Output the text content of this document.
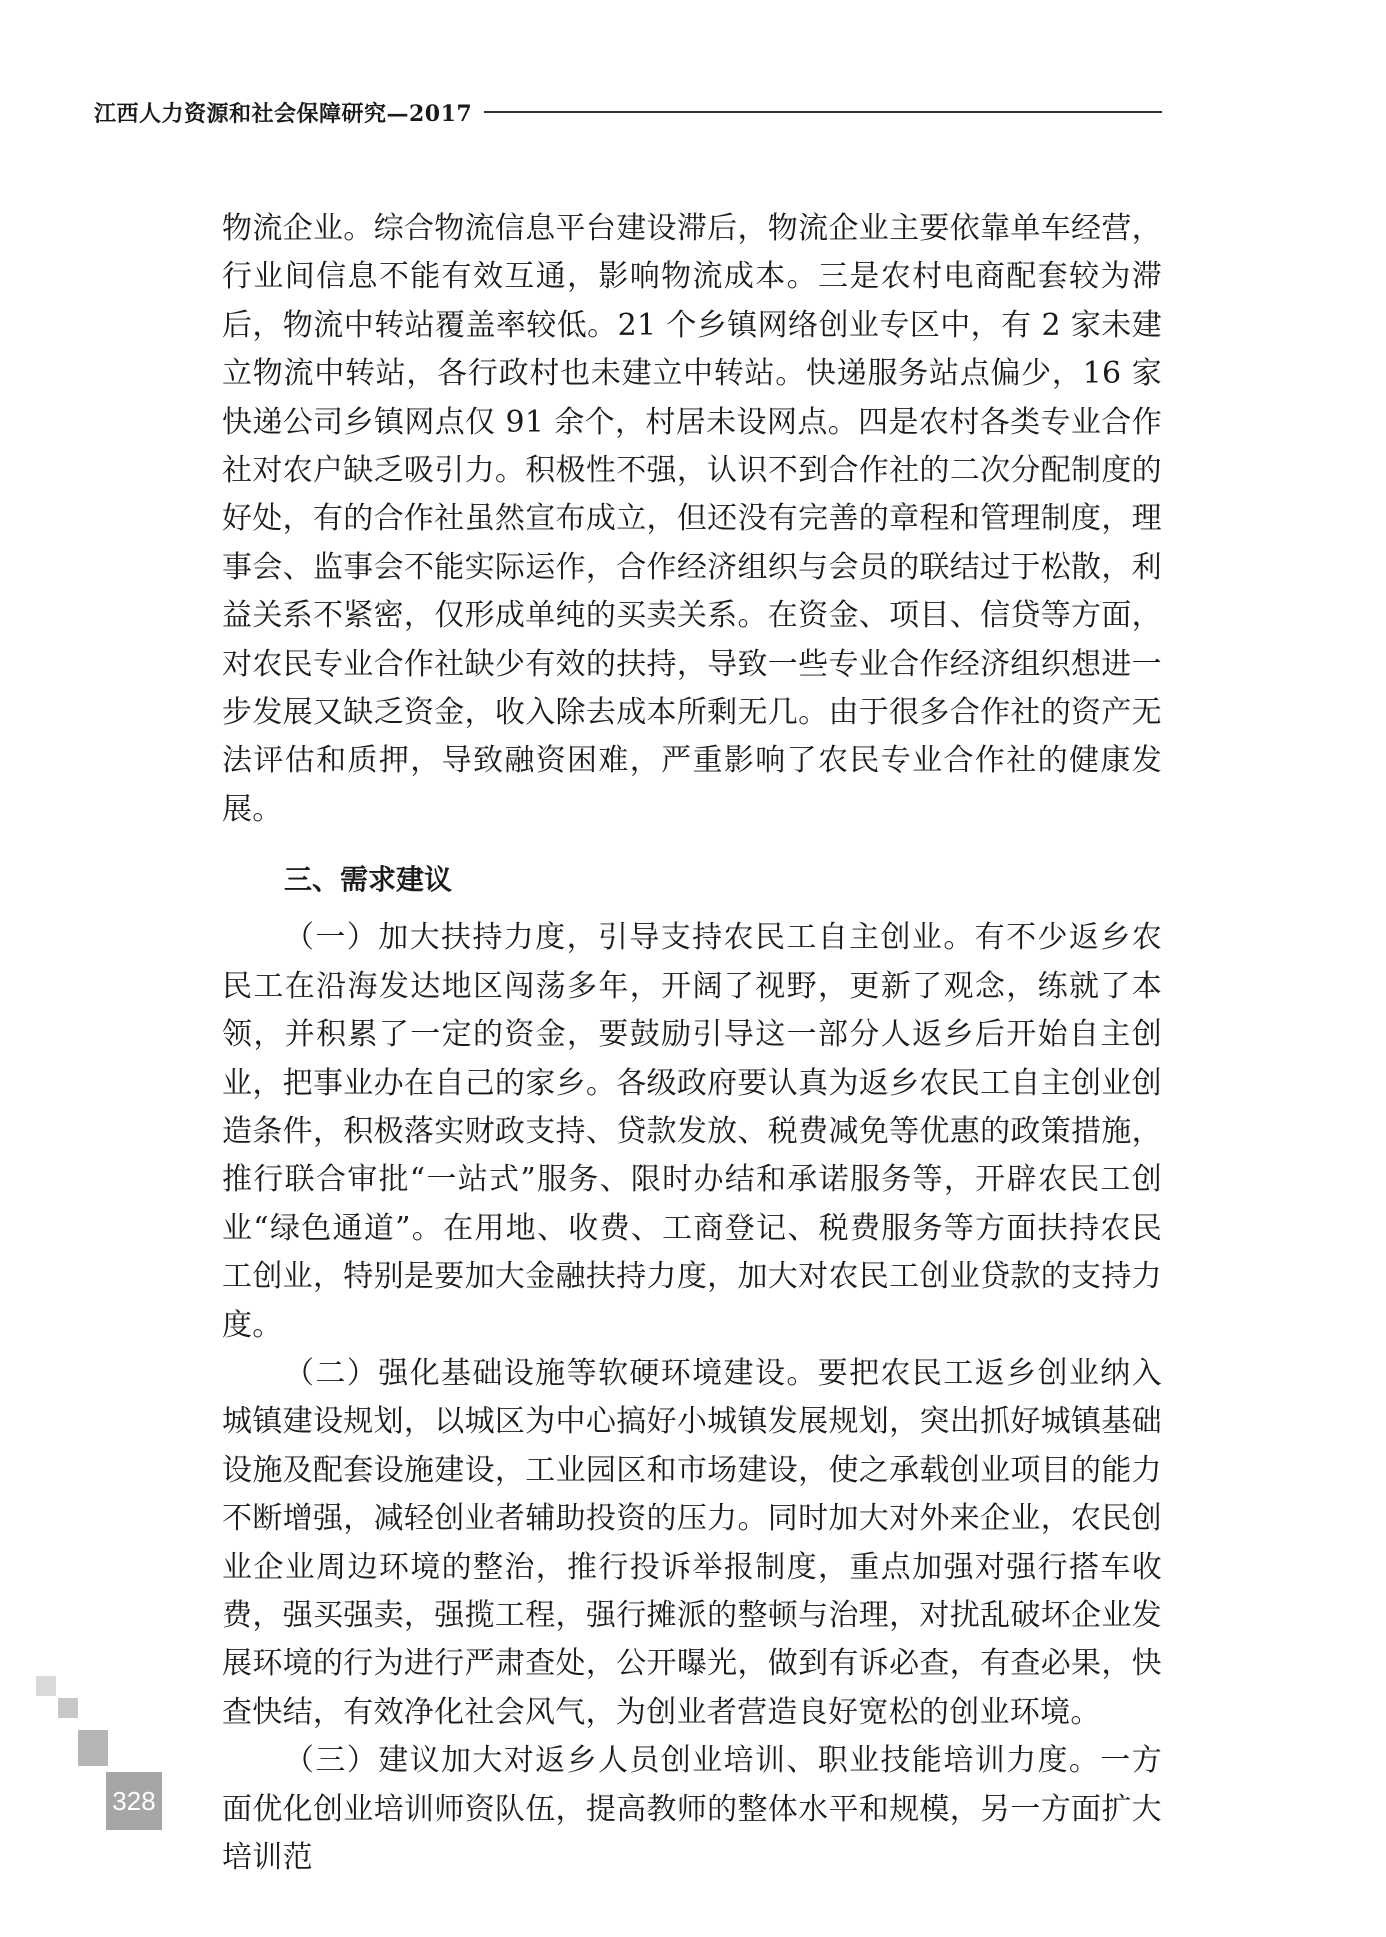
江西人力资源和社会保障研究—2017

物流企业。综合物流信息平台建设滞后，物流企业主要依靠单车经营，行业间信息不能有效互通，影响物流成本。三是农村电商配套较为滞后，物流中转站覆盖率较低。21 个乡镇网络创业专区中，有 2 家未建立物流中转站，各行政村也未建立中转站。快递服务站点偏少，16 家快递公司乡镇网点仅 91 余个，村居未设网点。四是农村各类专业合作社对农户缺乏吸引力。积极性不强，认识不到合作社的二次分配制度的好处，有的合作社虽然宣布成立，但还没有完善的章程和管理制度，理事会、监事会不能实际运作，合作经济组织与会员的联结过于松散，利益关系不紧密，仅形成单纯的买卖关系。在资金、项目、信贷等方面，对农民专业合作社缺少有效的扶持，导致一些专业合作经济组织想进一步发展又缺乏资金，收入除去成本所剩无几。由于很多合作社的资产无法评估和质押，导致融资困难，严重影响了农民专业合作社的健康发展。

三、需求建议

（一）加大扶持力度，引导支持农民工自主创业。有不少返乡农民工在沿海发达地区闯荡多年，开阔了视野，更新了观念，练就了本领，并积累了一定的资金，要鼓励引导这一部分人返乡后开始自主创业，把事业办在自己的家乡。各级政府要认真为返乡农民工自主创业创造条件，积极落实财政支持、贷款发放、税费减免等优惠的政策措施，推行联合审批“一站式”服务、限时办结和承诺服务等，开辟农民工创业“绿色通道”。在用地、收费、工商登记、税费服务等方面扶持农民工创业，特别是要加大金融扶持力度，加大对农民工创业贷款的支持力度。

（二）强化基础设施等软硬环境建设。要把农民工返乡创业纳入城镇建设规划，以城区为中心搞好小城镇发展规划，突出抓好城镇基础设施及配套设施建设，工业园区和市场建设，使之承载创业项目的能力不断增强，减轻创业者辅助投资的压力。同时加大对外来企业，农民创业企业周边环境的整治，推行投诉举报制度，重点加强对强行搭车收费，强买强卖，强揽工程，强行摊派的整顿与治理，对扰乱破坏企业发展环境的行为进行严肃查处，公开曝光，做到有诉必查，有查必果，快查快结，有效净化社会风气，为创业者营造良好宽松的创业环境。

（三）建议加大对返乡人员创业培训、职业技能培训力度。一方面优化创业培训师资队伍，提高教师的整体水平和规模，另一方面扩大培训范

328
